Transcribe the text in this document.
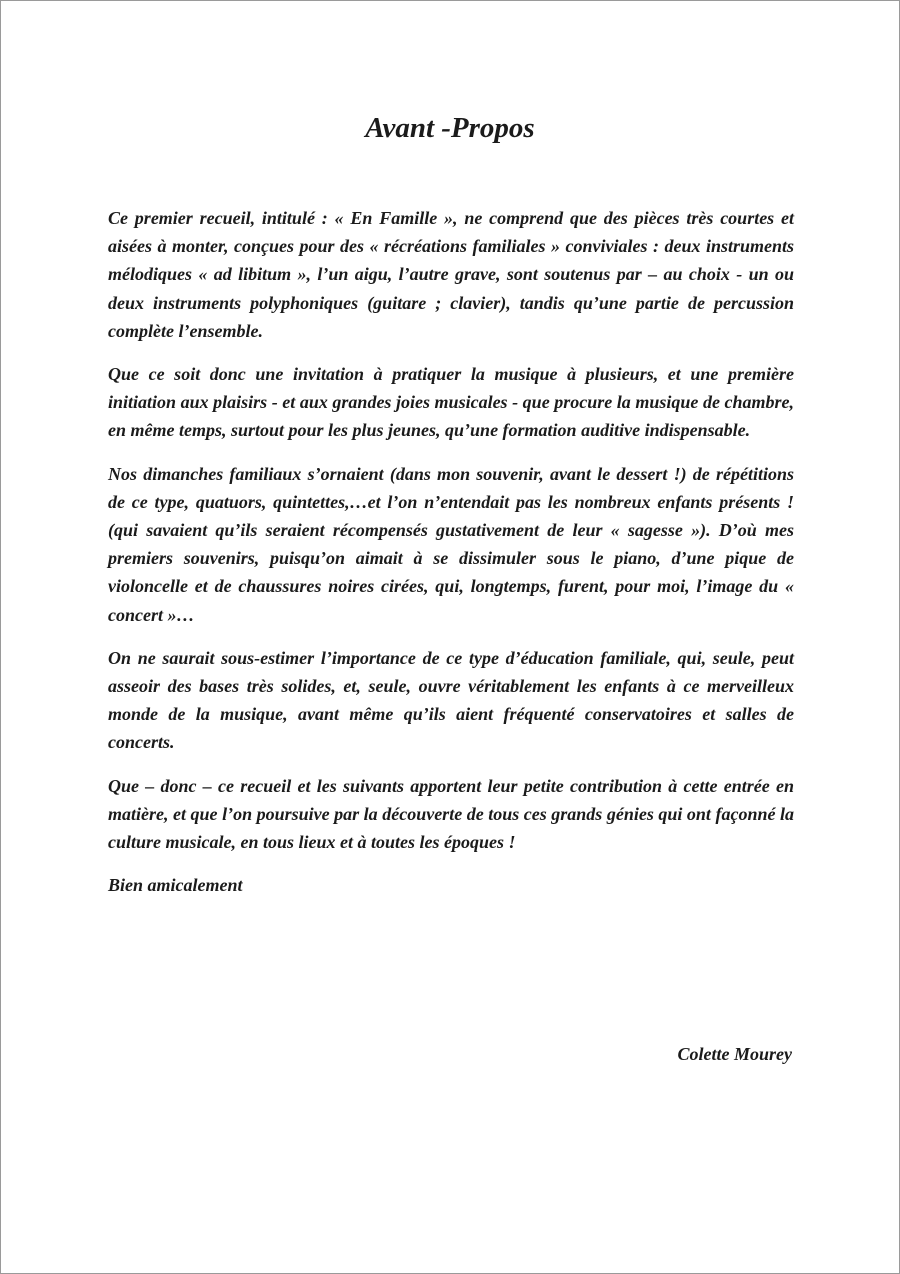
Avant -Propos

Ce premier recueil, intitulé : « En Famille », ne comprend que des pièces très courtes et aisées à monter, conçues pour des « récréations familiales » conviviales : deux instruments mélodiques « ad libitum », l’un aigu, l’autre grave, sont soutenus par – au choix - un ou deux instruments polyphoniques (guitare ; clavier), tandis qu’une partie de percussion complète l’ensemble.

Que ce soit donc une invitation à pratiquer la musique à plusieurs, et une première initiation aux plaisirs - et aux grandes joies musicales - que procure la musique de chambre, en même temps, surtout pour les plus jeunes, qu’une formation auditive indispensable.

Nos dimanches familiaux s’ornaient (dans mon souvenir, avant le dessert !) de répétitions de ce type, quatuors, quintettes,…et l’on n’entendait pas les nombreux enfants présents ! (qui savaient qu’ils seraient récompensés gustativement de leur « sagesse »). D’où mes premiers souvenirs, puisqu’on aimait à se dissimuler sous le piano, d’une pique de violoncelle et de chaussures noires cirées, qui, longtemps, furent, pour moi, l’image du « concert »…

On ne saurait sous-estimer l’importance de ce type d’éducation familiale, qui, seule, peut asseoir des bases très solides, et, seule, ouvre véritablement les enfants à ce merveilleux monde de la musique, avant même qu’ils aient fréquenté conservatoires et salles de concerts.

Que – donc – ce recueil et les suivants apportent leur petite contribution à cette entrée en matière, et que l’on poursuive par la découverte de tous ces grands génies qui ont façonné la culture musicale, en tous lieux et à toutes les époques !

Bien amicalement

Colette Mourey
